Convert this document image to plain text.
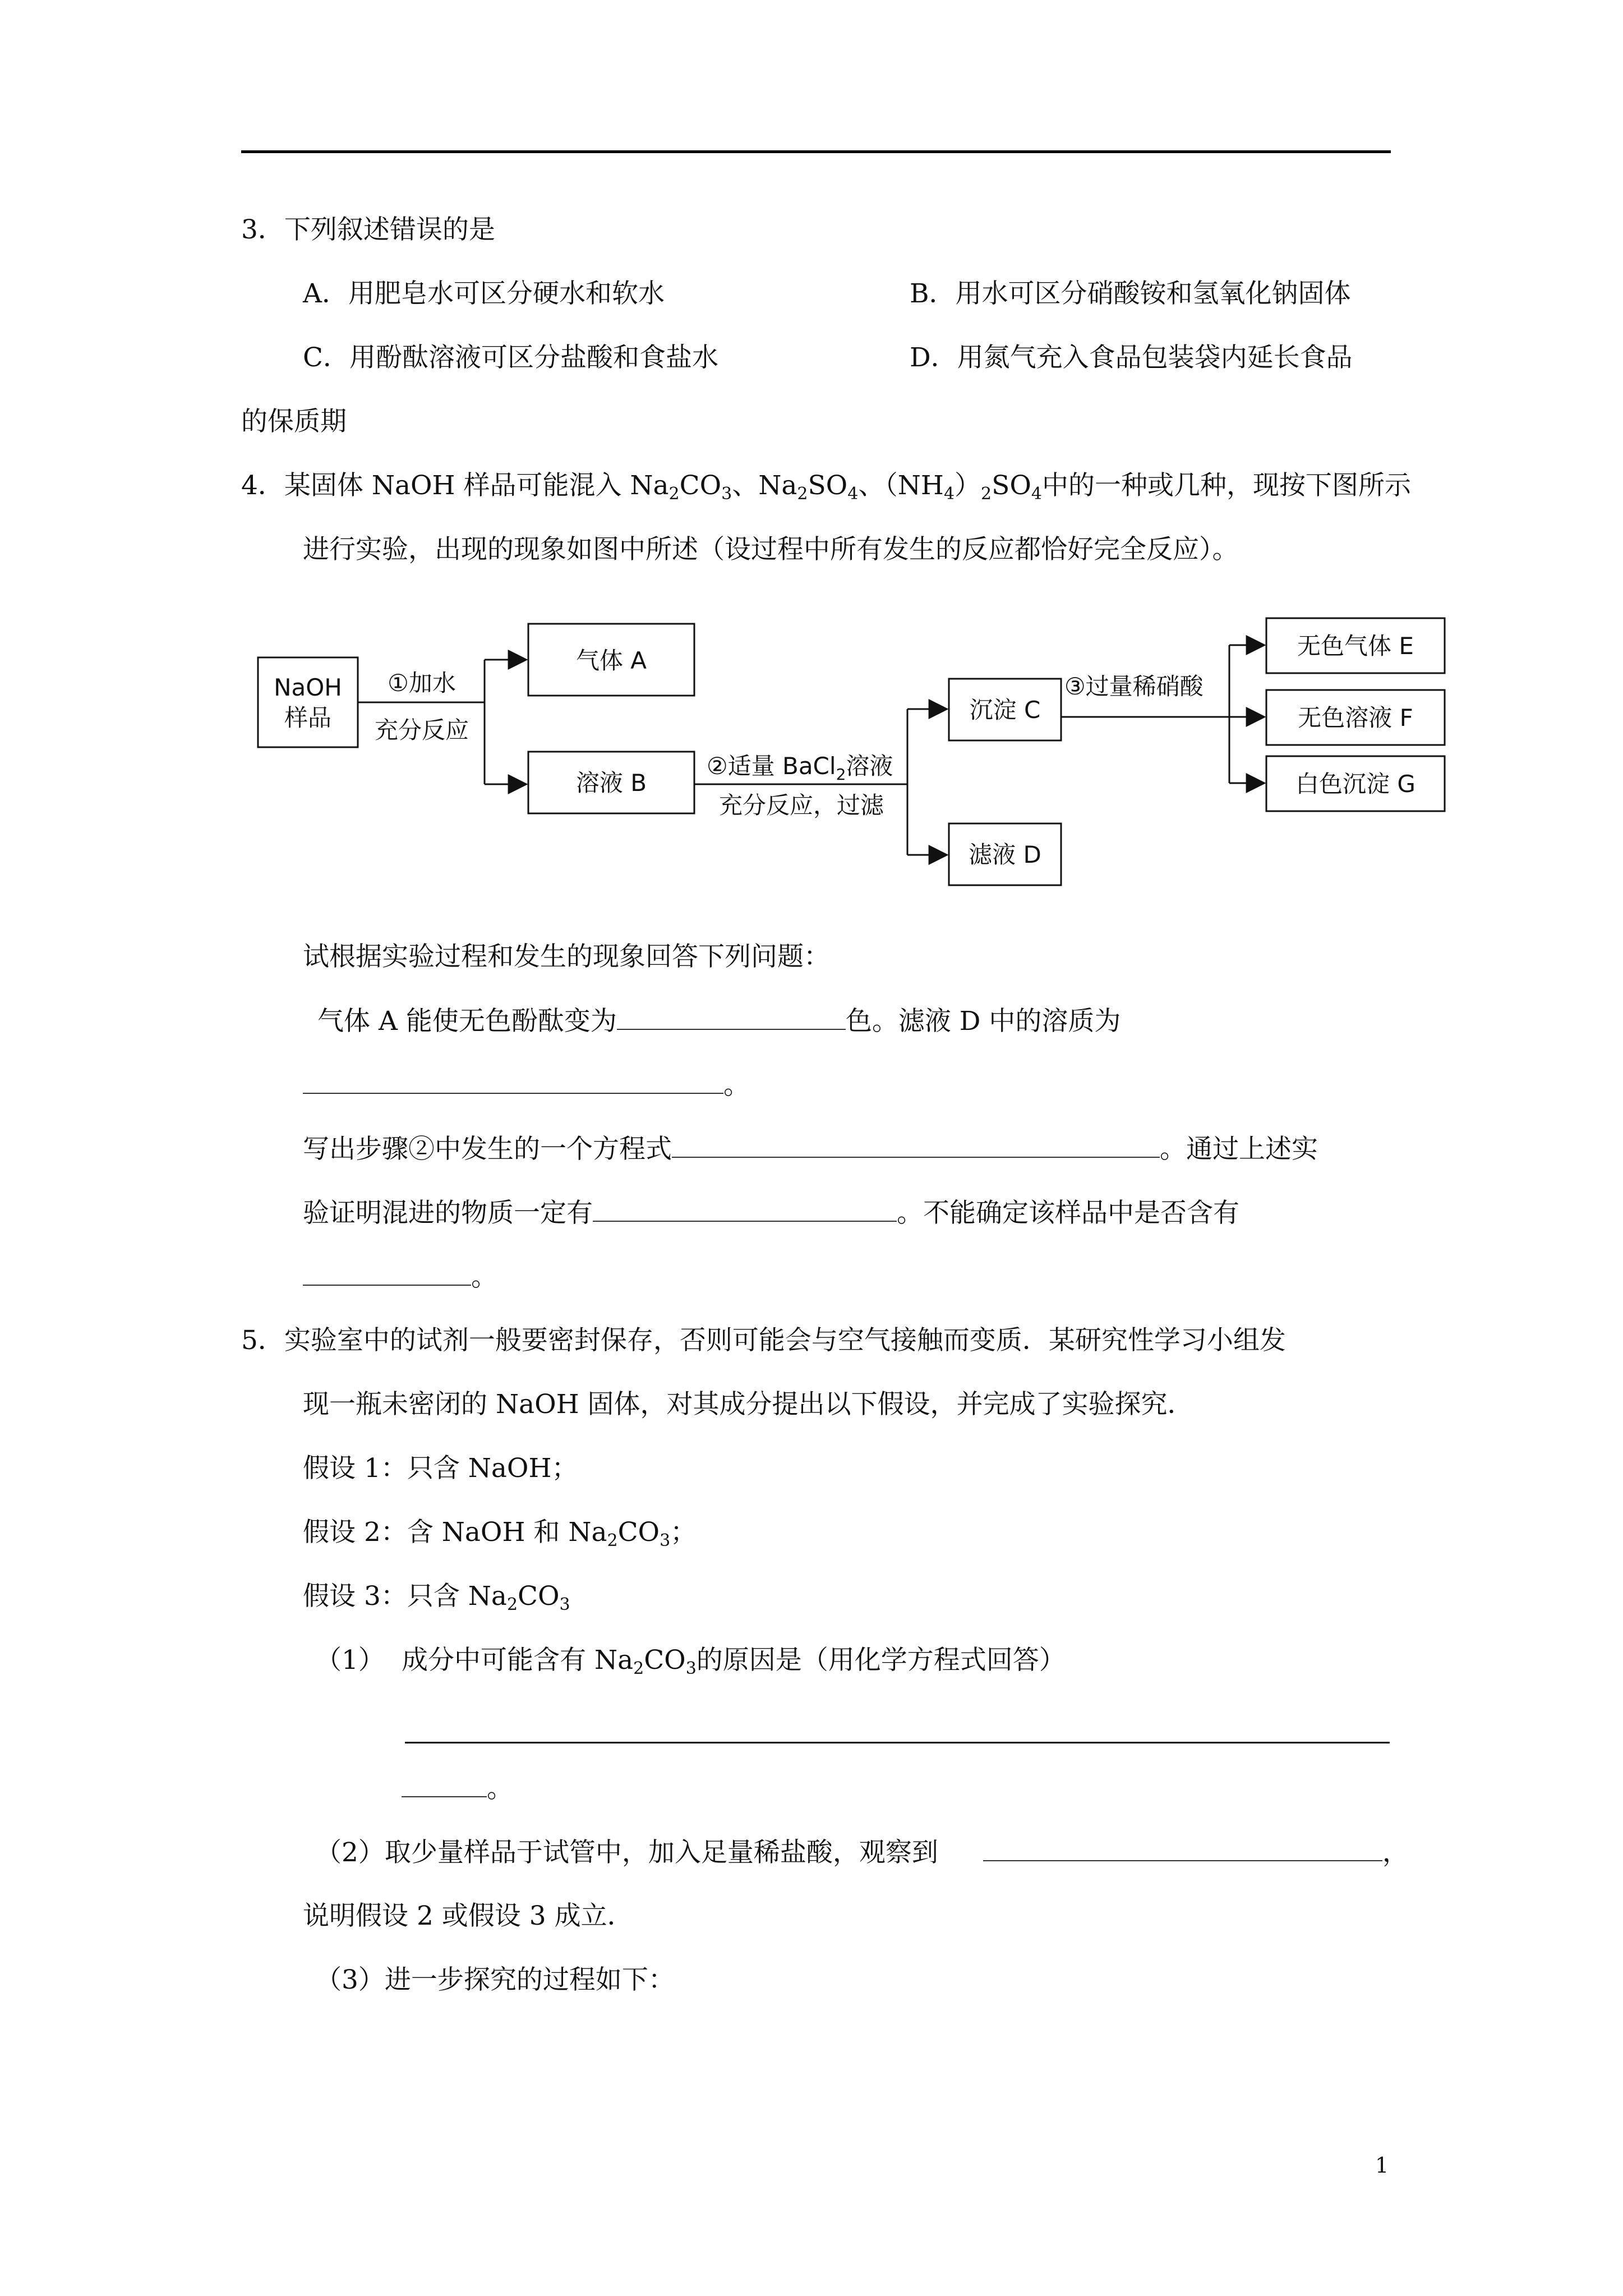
3．下列叙述错误的是
A．用肥皂水可区分硬水和软水	B．用水可区分硝酸铵和氢氧化钠固体
C．用酚酞溶液可区分盐酸和食盐水	D．用氮气充入食品包装袋内延长食品
的保质期
4．某固体 NaOH 样品可能混入 $Na_2CO_3$、$Na_2SO_4$、$(NH_4)_2SO_4$中的一种或几种，现按下图所示
进行实验，出现的现象如图中所述（设过程中所有发生的反应都恰好完全反应）。
NaOH
样品
①加水
充分反应
气体 A
溶液 B
②适量 BaCl$_2$溶液
充分反应，过滤
沉淀 C
滤液 D
③过量稀硝酸
无色气体 E
无色溶液 F
白色沉淀 G
试根据实验过程和发生的现象回答下列问题：
气体 A 能使无色酚酞变为	色。滤液 D 中的溶质为
。
写出步骤②中发生的一个方程式	。通过上述实
验证明混进的物质一定有	。不能确定该样品中是否含有
。
5．实验室中的试剂一般要密封保存，否则可能会与空气接触而变质．某研究性学习小组发
现一瓶未密闭的 NaOH 固体，对其成分提出以下假设，并完成了实验探究．
假设 1：只含 NaOH；
假设 2：含 NaOH 和 $Na_2CO_3$；
假设 3：只含 $Na_2CO_3$
（1） 成分中可能含有 $Na_2CO_3$的原因是（用化学方程式回答）
。
（2）取少量样品于试管中，加入足量稀盐酸，观察到	，
说明假设 2 或假设 3 成立．
（3）进一步探究的过程如下：
1
